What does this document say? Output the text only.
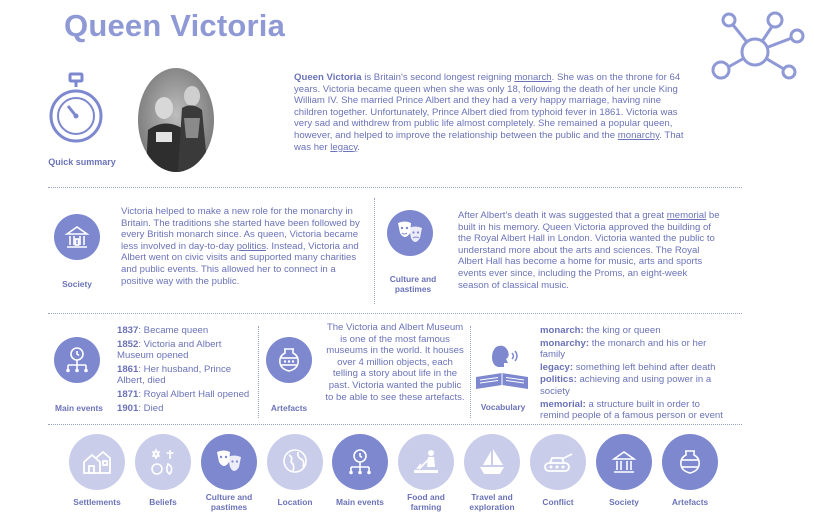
Queen Victoria
Quick summary
Queen Victoria is Britain's second longest reigning monarch. She was on the throne for 64 years. Victoria became queen when she was only 18, following the death of her uncle King William IV. She married Prince Albert and they had a very happy marriage, having nine children together. Unfortunately, Prince Albert died from typhoid fever in 1861. Victoria was very sad and withdrew from public life almost completely. She remained a popular queen, however, and helped to improve the relationship between the public and the monarchy. That was her legacy.
Society
Victoria helped to make a new role for the monarchy in Britain. The traditions she started have been followed by every British monarch since. As queen, Victoria became less involved in day-to-day politics. Instead, Victoria and Albert went on civic visits and supported many charities and public events. This allowed her to connect in a positive way with the public.	Culture and pastimes
After Albert's death it was suggested that a great memorial be built in his memory. Queen Victoria approved the building of the Royal Albert Hall in London. Victoria wanted the public to understand more about the arts and sciences. The Royal Albert Hall has become a home for music, arts and sports events ever since, including the Proms, an eight-week season of classical music.
Main events
1837: Became queen
1852: Victoria and Albert Museum opened
1861: Her husband, Prince Albert, died
1871: Royal Albert Hall opened
1901: Died	Artefacts
The Victoria and Albert Museum is one of the most famous museums in the world. It houses over 4 million objects, each telling a story about life in the past. Victoria wanted the public to be able to see these artefacts.
Vocabulary
monarch: the king or queen
monarchy: the monarch and his or her family
legacy: something left behind after death
politics: achieving and using power in a society
memorial: a structure built in order to remind people of a famous person or event
Settlements	Beliefs	Culture and pastimes	Location	Main events	Food and farming
Travel and exploration	Conflict	Society	Artefacts
